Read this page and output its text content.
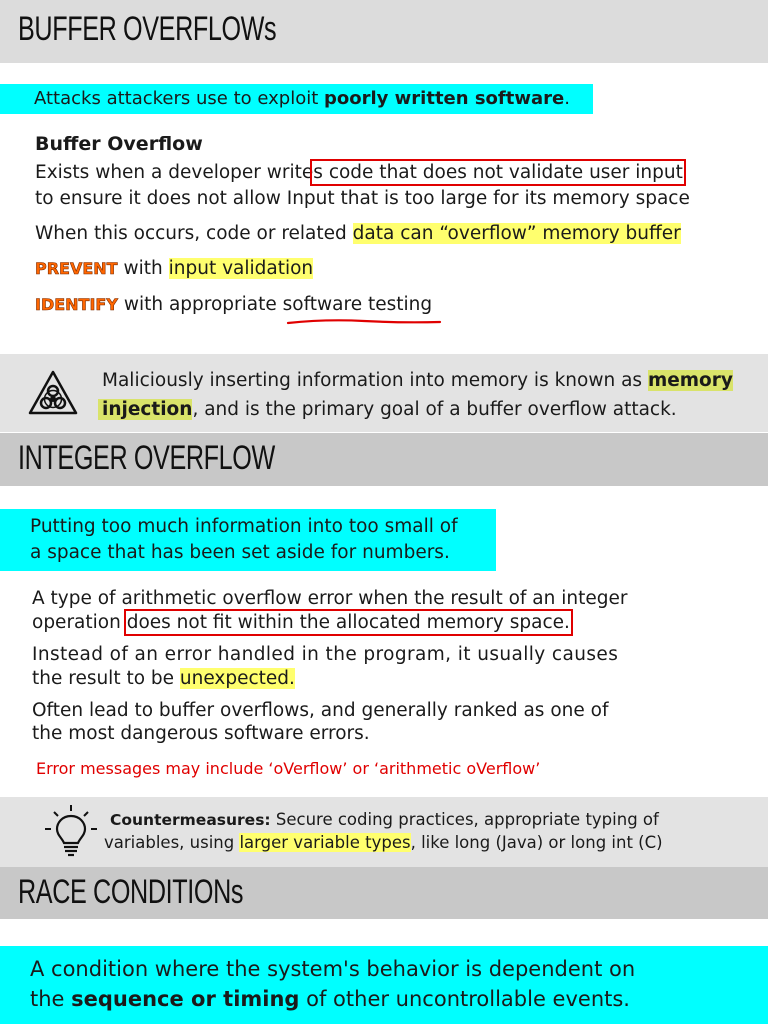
BUFFER OVERFLOWs
Attacks attackers use to exploit poorly written software.
Buffer Overflow
Exists when a developer writes code that does not validate user input
to ensure it does not allow Input that is too large for its memory space
When this occurs, code or related data can “overflow” memory buffer
PREVENT with input validation
IDENTIFY with appropriate software testing
Maliciously inserting information into memory is known as memory
injection, and is the primary goal of a buffer overflow attack.
INTEGER OVERFLOW
Putting too much information into too small of
a space that has been set aside for numbers.
A type of arithmetic overflow error when the result of an integer
operation does not fit within the allocated memory space.
Instead of an error handled in the program, it usually causes
the result to be unexpected.
Often lead to buffer overflows, and generally ranked as one of
the most dangerous software errors.
Error messages may include ‘oVerflow’ or ‘arithmetic oVerflow’
Countermeasures: Secure coding practices, appropriate typing of
variables, using larger variable types, like long (Java) or long int (C)
RACE CONDITIONs
A condition where the system's behavior is dependent on
the sequence or timing of other uncontrollable events.
